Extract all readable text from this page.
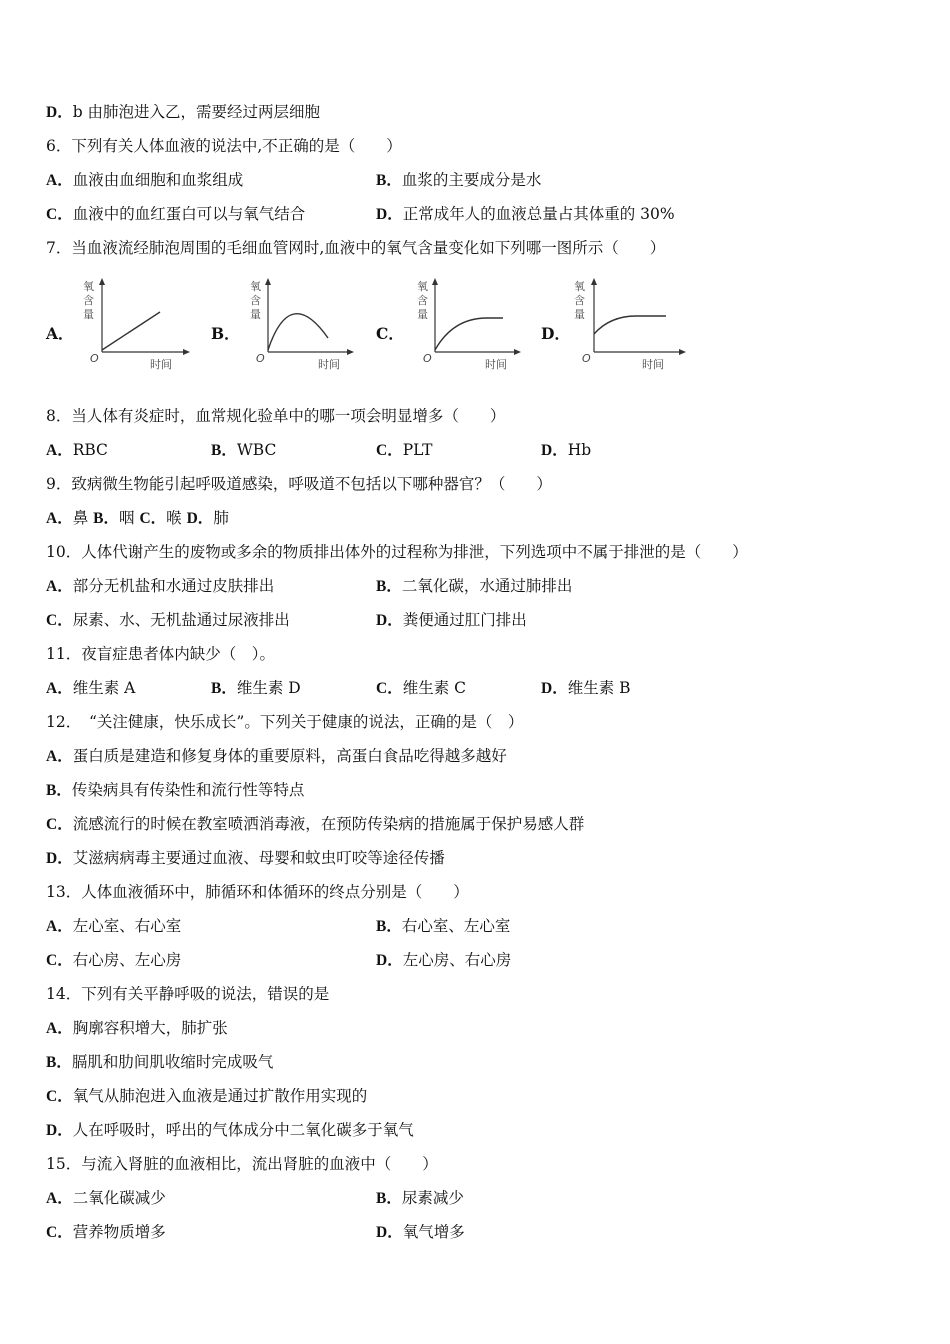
D．b 由肺泡进入乙，需要经过两层细胞
6．下列有关人体血液的说法中,不正确的是（　　）
A．血液由血细胞和血浆组成	B．血浆的主要成分是水
C．血液中的血红蛋白可以与氧气结合	D．正常成年人的血液总量占其体重的 30%
7．当血液流经肺泡周围的毛细血管网时,血液中的氧气含量变化如下列哪一图所示（　　）
A．
氧
含
量
O	时间
B．
氧
含
量
O	时间
C．
氧
含
量
O	时间
D．
氧
含
量
O	时间
8．当人体有炎症时，血常规化验单中的哪一项会明显增多（　　）
A．RBC	B．WBC	C．PLT	D．Hb
9．致病微生物能引起呼吸道感染，呼吸道不包括以下哪种器官？（　　）
A．鼻 B．咽 C．喉 D．肺
10．人体代谢产生的废物或多余的物质排出体外的过程称为排泄，下列选项中不属于排泄的是（　　）
A．部分无机盐和水通过皮肤排出	B．二氧化碳，水通过肺排出
C．尿素、水、无机盐通过尿液排出	D．粪便通过肛门排出
11．夜盲症患者体内缺少（　）。
A．维生素 A	B．维生素 D	C．维生素 C	D．维生素 B
12．　“关注健康，快乐成长”。下列关于健康的说法，正确的是（　）
A．蛋白质是建造和修复身体的重要原料，高蛋白食品吃得越多越好
B．传染病具有传染性和流行性等特点
C．流感流行的时候在教室喷洒消毒液，在预防传染病的措施属于保护易感人群
D．艾滋病病毒主要通过血液、母婴和蚊虫叮咬等途径传播
13．人体血液循环中，肺循环和体循环的终点分别是（　　）
A．左心室、右心室	B．右心室、左心室
C．右心房、左心房	D．左心房、右心房
14．下列有关平静呼吸的说法，错误的是
A．胸廓容积增大，肺扩张
B．膈肌和肋间肌收缩时完成吸气
C．氧气从肺泡进入血液是通过扩散作用实现的
D．人在呼吸时，呼出的气体成分中二氧化碳多于氧气
15．与流入肾脏的血液相比，流出肾脏的血液中（　　）
A．二氧化碳减少	B．尿素减少
C．营养物质增多	D．氧气增多
